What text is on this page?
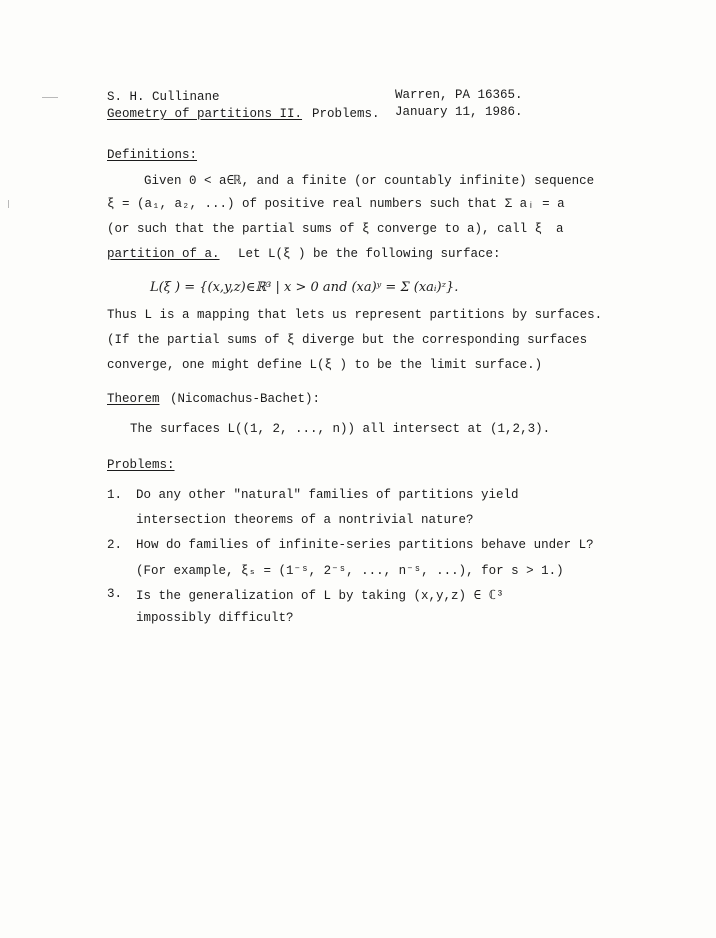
S. H. Cullinane	Warren, PA 16365.
Geometry of partitions II. Problems. January 11, 1986.
Definitions:
Given 0 < a∈ℝ, and a finite (or countably infinite) sequence
ξ = (a₁, a₂, ...) of positive real numbers such that Σ aᵢ = a
(or such that the partial sums of ξ converge to a), call ξ a
partition of a. Let L(ξ ) be the following surface:
L(ξ ) = {(x,y,z)∈ℝ³ | x > 0 and (xa)ʸ = Σ (xaᵢ)ᶻ}.
Thus L is a mapping that lets us represent partitions by surfaces.
(If the partial sums of ξ diverge but the corresponding surfaces
converge, one might define L(ξ ) to be the limit surface.)
Theorem (Nicomachus-Bachet):
The surfaces L((1, 2, ..., n)) all intersect at (1,2,3).
Problems:
1. Do any other "natural" families of partitions yield
intersection theorems of a nontrivial nature?
2. How do families of infinite-series partitions behave under L?
(For example, ξₛ = (1⁻ˢ, 2⁻ˢ, ..., n⁻ˢ, ...), for s > 1.)
3. Is the generalization of L by taking (x,y,z) ∈ ℂ³
impossibly difficult?
